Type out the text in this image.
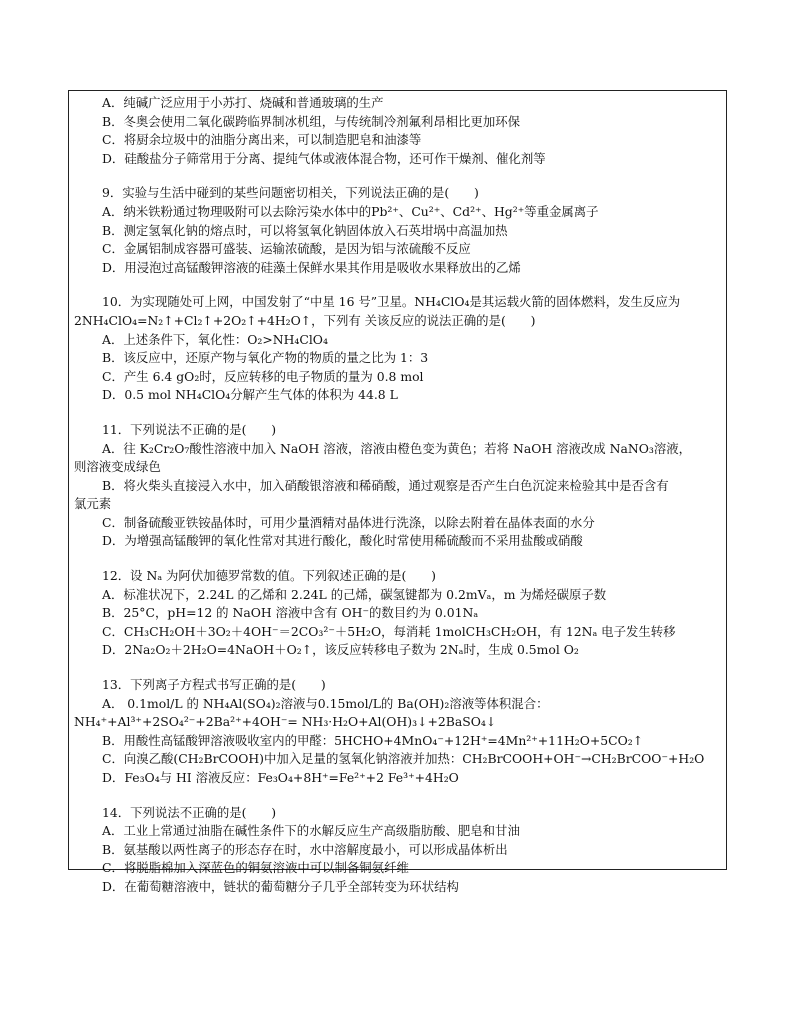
A．纯碱广泛应用于小苏打、烧碱和普通玻璃的生产
B．冬奥会使用二氧化碳跨临界制冰机组，与传统制冷剂氟利昂相比更加环保
C．将厨余垃圾中的油脂分离出来，可以制造肥皂和油漆等
D．硅酸盐分子筛常用于分离、提纯气体或液体混合物，还可作干燥剂、催化剂等
9．实验与生活中碰到的某些问题密切相关，下列说法正确的是(　　)
A．纳米铁粉通过物理吸附可以去除污染水体中的Pb²⁺、Cu²⁺、Cd²⁺、Hg²⁺等重金属离子
B．测定氢氧化钠的熔点时，可以将氢氧化钠固体放入石英坩埚中高温加热
C．金属铝制成容器可盛装、运输浓硫酸，是因为铝与浓硫酸不反应
D．用浸泡过高锰酸钾溶液的硅藻土保鲜水果其作用是吸收水果释放出的乙烯
10．为实现随处可上网，中国发射了“中星 16 号”卫星。NH₄ClO₄是其运载火箭的固体燃料，发生反应为
2NH₄ClO₄=N₂↑+Cl₂↑+2O₂↑+4H₂O↑，下列有 关该反应的说法正确的是(　　)
A．上述条件下，氧化性：O₂>NH₄ClO₄
B．该反应中，还原产物与氧化产物的物质的量之比为 1：3
C．产生 6.4 gO₂时，反应转移的电子物质的量为 0.8 mol
D．0.5 mol NH₄ClO₄分解产生气体的体积为 44.8 L
11．下列说法不正确的是(　　)
A．往 K₂Cr₂O₇酸性溶液中加入 NaOH 溶液，溶液由橙色变为黄色；若将 NaOH 溶液改成 NaNO₃溶液，
则溶液变成绿色
B．将火柴头直接浸入水中，加入硝酸银溶液和稀硝酸，通过观察是否产生白色沉淀来检验其中是否含有
氯元素
C．制备硫酸亚铁铵晶体时，可用少量酒精对晶体进行洗涤，以除去附着在晶体表面的水分
D．为增强高锰酸钾的氧化性常对其进行酸化，酸化时常使用稀硫酸而不采用盐酸或硝酸
12．设 Nₐ 为阿伏加德罗常数的值。下列叙述正确的是(　　)
A．标准状况下，2.24L 的乙烯和 2.24L 的己烯，碳氢键都为 0.2mVₐ，m 为烯烃碳原子数
B．25°C，pH=12 的 NaOH 溶液中含有 OH⁻的数目约为 0.01Nₐ
C．CH₃CH₂OH＋3O₂＋4OH⁻＝2CO₃²⁻＋5H₂O，每消耗 1molCH₃CH₂OH，有 12Nₐ 电子发生转移
D．2Na₂O₂＋2H₂O=4NaOH＋O₂↑，该反应转移电子数为 2Nₐ时，生成 0.5mol O₂
13．下列离子方程式书写正确的是(　　)
A． 0.1mol/L 的 NH₄Al(SO₄)₂溶液与0.15mol/L的 Ba(OH)₂溶液等体积混合：
NH₄⁺+Al³⁺+2SO₄²⁻+2Ba²⁺+4OH⁻= NH₃·H₂O+Al(OH)₃↓+2BaSO₄↓
B．用酸性高锰酸钾溶液吸收室内的甲醛：5HCHO+4MnO₄⁻+12H⁺=4Mn²⁺+11H₂O+5CO₂↑
C．向溴乙酸(CH₂BrCOOH)中加入足量的氢氧化钠溶液并加热：CH₂BrCOOH+OH⁻→CH₂BrCOO⁻+H₂O
D．Fe₃O₄与 HI 溶液反应：Fe₃O₄+8H⁺=Fe²⁺+2 Fe³⁺+4H₂O
14．下列说法不正确的是(　　)
A．工业上常通过油脂在碱性条件下的水解反应生产高级脂肪酸、肥皂和甘油
B．氨基酸以两性离子的形态存在时，水中溶解度最小，可以形成晶体析出
C．将脱脂棉加入深蓝色的铜氨溶液中可以制备铜氨纤维
D．在葡萄糖溶液中，链状的葡萄糖分子几乎全部转变为环状结构
